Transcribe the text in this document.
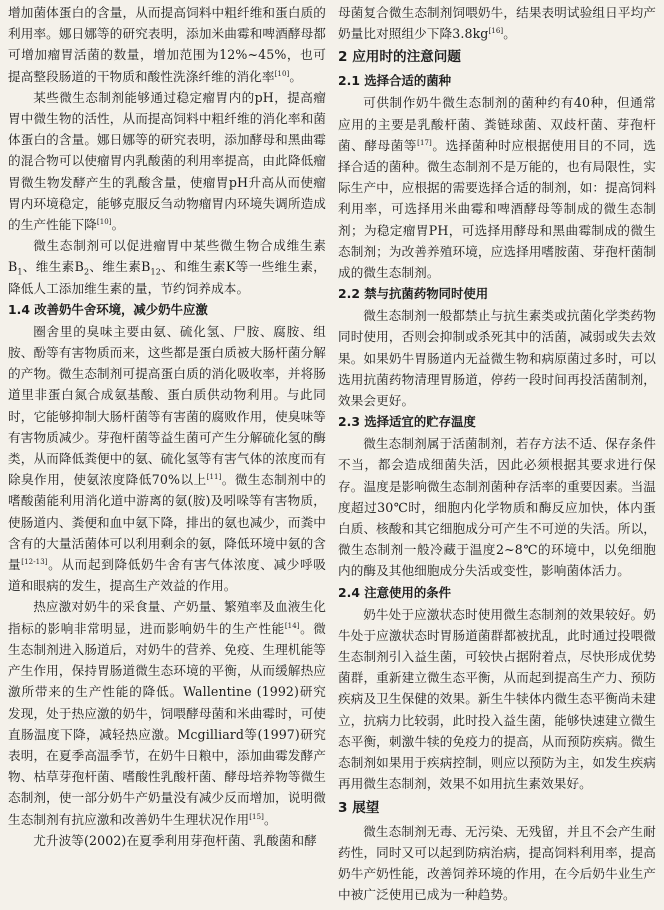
增加菌体蛋白的含量，从而提高饲料中粗纤维和蛋白质的利用率。娜日娜等的研究表明，添加米曲霉和啤酒酵母都可增加瘤胃活菌的数量，增加范围为12%~45%，也可提高整段肠道的干物质和酸性洗涤纤维的消化率[10]。

某些微生态制剂能够通过稳定瘤胃内的pH，提高瘤胃中微生物的活性，从而提高饲料中粗纤维的消化率和菌体蛋白的含量。娜日娜等的研究表明，添加酵母和黑曲霉的混合物可以使瘤胃内乳酸菌的利用率提高，由此降低瘤胃微生物发酵产生的乳酸含量，使瘤胃pH升高从而使瘤胃内环境稳定，能够克服反刍动物瘤胃内环境失调所造成的生产性能下降[10]。

微生态制剂可以促进瘤胃中某些微生物合成维生素$B_1$、维生素$B_2$、维生素$B_{12}$、和维生素K等一些维生素，降低人工添加维生素的量，节约饲养成本。

1.4 改善奶牛舍环境，减少奶牛应激

圈舍里的臭味主要由氨、硫化氢、尸胺、腐胺、组胺、酚等有害物质而来，这些都是蛋白质被大肠杆菌分解的产物。微生态制剂可提高蛋白质的消化吸收率，并将肠道里非蛋白氮合成氨基酸、蛋白质供动物利用。与此同时，它能够抑制大肠杆菌等有害菌的腐败作用，使臭味等有害物质减少。芽孢杆菌等益生菌可产生分解硫化氢的酶类，从而降低粪便中的氨、硫化氢等有害气体的浓度而有除臭作用，使氨浓度降低70%以上[11]。微生态制剂中的嗜酸菌能利用消化道中游离的氨(胺)及吲哚等有害物质，使肠道内、粪便和血中氨下降，排出的氨也减少，而粪中含有的大量活菌体可以利用剩余的氨，降低环境中氨的含量[12-13]。从而起到降低奶牛舍有害气体浓度、减少呼吸道和眼病的发生，提高生产效益的作用。

热应激对奶牛的采食量、产奶量、繁殖率及血液生化指标的影响非常明显，进而影响奶牛的生产性能[14]。微生态制剂进入肠道后，对奶牛的营养、免疫、生理机能等产生作用，保持胃肠道微生态环境的平衡，从而缓解热应激所带来的生产性能的降低。Wallentine (1992)研究发现，处于热应激的奶牛，饲喂酵母菌和米曲霉时，可使直肠温度下降，减轻热应激。Mcgilliard等(1997)研究表明，在夏季高温季节，在奶牛日粮中，添加曲霉发酵产物、枯草芽孢杆菌、嗜酸性乳酸杆菌、酵母培养物等微生态制剂，使一部分奶牛产奶量没有减少反而增加，说明微生态制剂有抗应激和改善奶牛生理状况作用[15]。

尤升波等(2002)在夏季利用芽孢杆菌、乳酸菌和酵

母菌复合微生态制剂饲喂奶牛，结果表明试验组日平均产奶量比对照组少下降3.8kg[16]。

2 应用时的注意问题
2.1 选择合适的菌种

可供制作奶牛微生态制剂的菌种约有40种，但通常应用的主要是乳酸杆菌、粪链球菌、双歧杆菌、芽孢杆菌、酵母菌等[17]。选择菌种时应根据使用目的不同，选择合适的菌种。微生态制剂不是万能的，也有局限性，实际生产中，应根据的需要选择合适的制剂，如：提高饲料利用率，可选择用米曲霉和啤酒酵母等制成的微生态制剂；为稳定瘤胃PH，可选择用酵母和黑曲霉制成的微生态制剂；为改善养殖环境，应选择用嗜胺菌、芽孢杆菌制成的微生态制剂。

2.2 禁与抗菌药物同时使用

微生态制剂一般都禁止与抗生素类或抗菌化学类药物同时使用，否则会抑制或杀死其中的活菌，减弱或失去效果。如果奶牛胃肠道内无益微生物和病原菌过多时，可以选用抗菌药物清理胃肠道，停药一段时间再投活菌制剂，效果会更好。

2.3 选择适宜的贮存温度

微生态制剂属于活菌制剂，若存方法不适、保存条件不当，都会造成细菌失活，因此必须根据其要求进行保存。温度是影响微生态制剂菌种存活率的重要因素。当温度超过30℃时，细胞内化学物质和酶反应加快，体内蛋白质、核酸和其它细胞成分可产生不可逆的失活。所以，微生态制剂一般冷藏于温度2~8℃的环境中，以免细胞内的酶及其他细胞成分失活或变性，影响菌体活力。

2.4 注意使用的条件

奶牛处于应激状态时使用微生态制剂的效果较好。奶牛处于应激状态时胃肠道菌群都被扰乱，此时通过投喂微生态制剂引入益生菌，可较快占据附着点，尽快形成优势菌群，重新建立微生态平衡，从而起到提高生产力、预防疾病及卫生保健的效果。新生牛犊体内微生态平衡尚未建立，抗病力比较弱，此时投入益生菌，能够快速建立微生态平衡，刺激牛犊的免疫力的提高，从而预防疾病。微生态制剂如果用于疾病控制，则应以预防为主，如发生疾病再用微生态制剂，效果不如用抗生素效果好。

3 展望

微生态制剂无毒、无污染、无残留，并且不会产生耐药性，同时又可以起到防病治病，提高饲料利用率，提高奶牛产奶性能，改善饲养环境的作用，在今后奶牛业生产中被广泛使用已成为一种趋势。
